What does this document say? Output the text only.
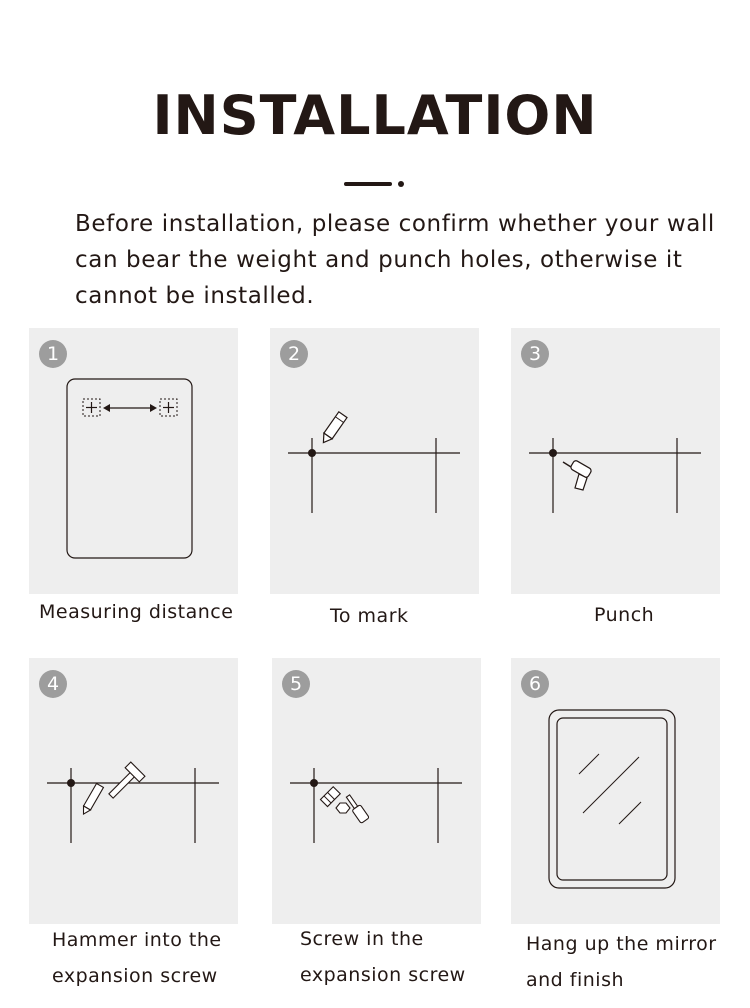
INSTALLATION
Before installation, please confirm whether your wall can bear the weight and punch holes, otherwise it cannot be installed.
1
Measuring distance
2
To mark
3
Punch
4
Hammer into the expansion screw
5
Screw in the expansion screw
6
Hang up the mirror and finish
